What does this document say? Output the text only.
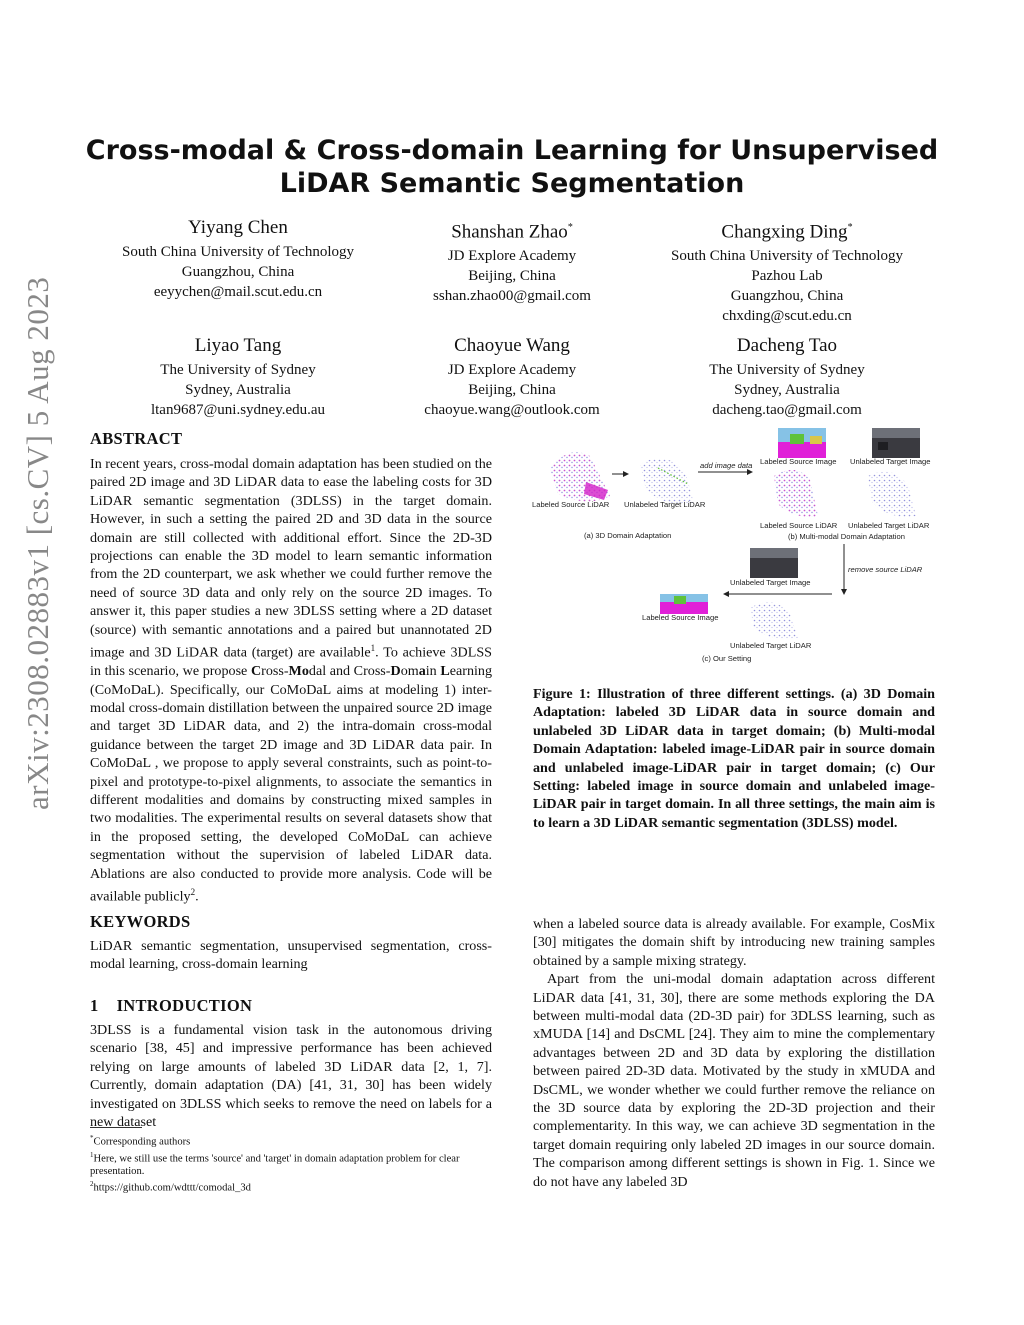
Cross-modal & Cross-domain Learning for Unsupervised LiDAR Semantic Segmentation
Yiyang Chen
South China University of Technology
Guangzhou, China
eeyychen@mail.scut.edu.cn
Shanshan Zhao*
JD Explore Academy
Beijing, China
sshan.zhao00@gmail.com
Changxing Ding*
South China University of Technology
Pazhou Lab
Guangzhou, China
chxding@scut.edu.cn
Liyao Tang
The University of Sydney
Sydney, Australia
ltan9687@uni.sydney.edu.au
Chaoyue Wang
JD Explore Academy
Beijing, China
chaoyue.wang@outlook.com
Dacheng Tao
The University of Sydney
Sydney, Australia
dacheng.tao@gmail.com
arXiv:2308.02883v1 [cs.CV] 5 Aug 2023 ABSTRACT
In recent years, cross-modal domain adaptation has been studied on the paired 2D image and 3D LiDAR data to ease the labeling costs for 3D LiDAR semantic segmentation (3DLSS) in the target domain. However, in such a setting the paired 2D and 3D data in the source domain are still collected with additional effort. Since the 2D-3D projections can enable the 3D model to learn semantic information from the 2D counterpart, we ask whether we could further remove the need of source 3D data and only rely on the source 2D images. To answer it, this paper studies a new 3DLSS setting where a 2D dataset (source) with semantic annotations and a paired but unannotated 2D image and 3D LiDAR data (target) are available$^1$. To achieve 3DLSS in this scenario, we propose Cross-Modal and Cross-Domain Learning (CoMoDaL). Specifically, our CoMoDaL aims at modeling 1) inter-modal cross-domain distillation between the unpaired source 2D image and target 3D LiDAR data, and 2) the intra-domain cross-modal guidance between the target 2D image and 3D LiDAR data pair. In CoMoDaL , we propose to apply several constraints, such as point-to-pixel and prototype-to-pixel alignments, to associate the semantics in different modalities and domains by constructing mixed samples in two modalities. The experimental results on several datasets show that in the proposed setting, the developed CoMoDaL can achieve segmentation without the supervision of labeled LiDAR data. Ablations are also conducted to provide more analysis. Code will be available publicly$^2$.
KEYWORDS
LiDAR semantic segmentation, unsupervised segmentation, cross-modal learning, cross-domain learning
1 INTRODUCTION
3DLSS is a fundamental vision task in the autonomous driving scenario [38, 45] and impressive performance has been achieved relying on large amounts of labeled 3D LiDAR data [2, 1, 7]. Currently, domain adaptation (DA) [41, 31, 30] has been widely investigated on 3DLSS which seeks to remove the need on labels for a new dataset
*Corresponding authors
$^1$Here, we still use the terms 'source' and 'target' in domain adaptation problem for clear presentation.
$^2$https://github.com/wdttt/comodal_3d
Labeled Source LiDAR Unlabeled Target LiDAR
(a) 3D Domain Adaptation
add image data Labeled Source Image Unlabeled Target Image
Labeled Source LiDAR Unlabeled Target LiDAR
(b) Multi-modal Domain Adaptation
remove source LiDAR
Unlabeled Target Image
Labeled Source Image
Unlabeled Target LiDAR
(c) Our Setting
Figure 1: Illustration of three different settings. (a) 3D Domain Adaptation: labeled 3D LiDAR data in source domain and unlabeled 3D LiDAR data in target domain; (b) Multi-modal Domain Adaptation: labeled image-LiDAR pair in source domain and unlabeled image-LiDAR pair in target domain; (c) Our Setting: labeled image in source domain and unlabeled image-LiDAR pair in target domain. In all three settings, the main aim is to learn a 3D LiDAR semantic segmentation (3DLSS) model.
when a labeled source data is already available. For example, CosMix [30] mitigates the domain shift by introducing new training samples obtained by a sample mixing strategy.
Apart from the uni-modal domain adaptation across different LiDAR data [41, 31, 30], there are some methods exploring the DA between multi-modal data (2D-3D pair) for 3DLSS learning, such as xMUDA [14] and DsCML [24]. They aim to mine the complementary advantages between 2D and 3D data by exploring the distillation between paired 2D-3D data. Motivated by the study in xMUDA and DsCML, we wonder whether we could further remove the reliance on the 3D source data by exploring the 2D-3D projection and their complementarity. In this way, we can achieve 3D segmentation in the target domain requiring only labeled 2D images in our source domain. The comparison among different settings is shown in Fig. 1. Since we do not have any labeled 3D
